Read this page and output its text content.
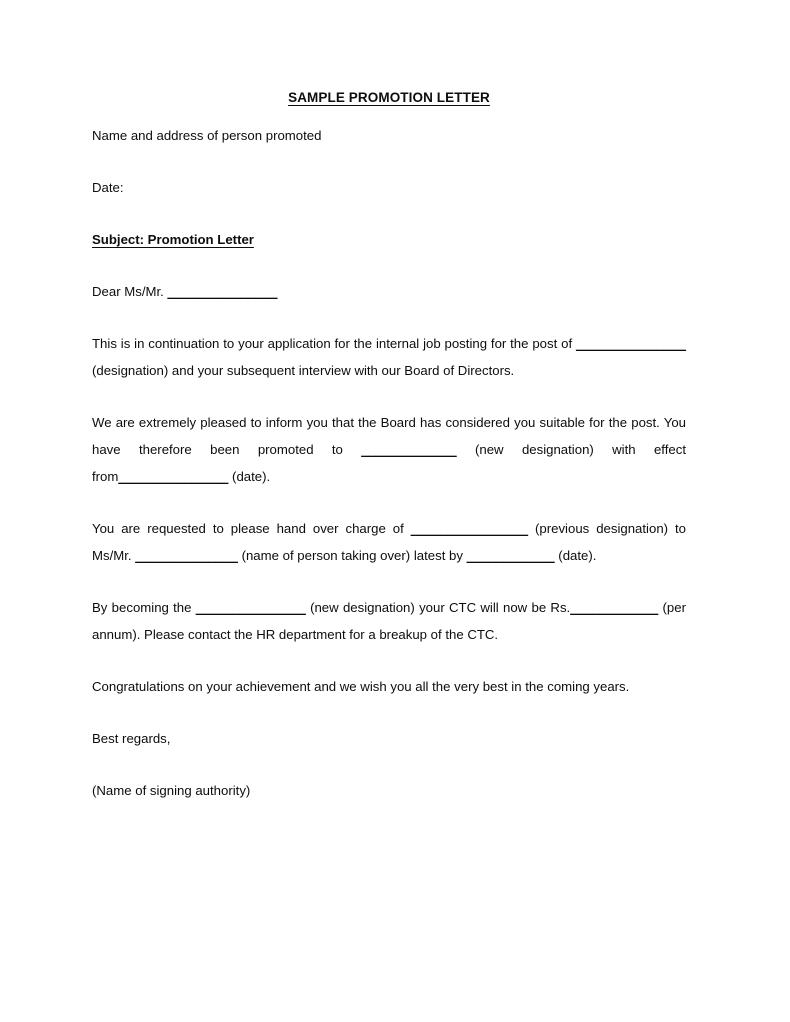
SAMPLE PROMOTION LETTER
Name and address of person promoted
Date:
Subject: Promotion Letter
Dear Ms/Mr. _______________

This is in continuation to your application for the internal job posting for the post of _______________ (designation) and your subsequent interview with our Board of Directors.

We are extremely pleased to inform you that the Board has considered you suitable for the post. You have therefore been promoted to _____________ (new designation) with effect from_______________ (date).

You are requested to please hand over charge of ________________ (previous designation) to Ms/Mr. ______________ (name of person taking over) latest by ____________ (date).

By becoming the _______________ (new designation) your CTC will now be Rs.____________ (per annum). Please contact the HR department for a breakup of the CTC.

Congratulations on your achievement and we wish you all the very best in the coming years.

Best regards,
(Name of signing authority)
